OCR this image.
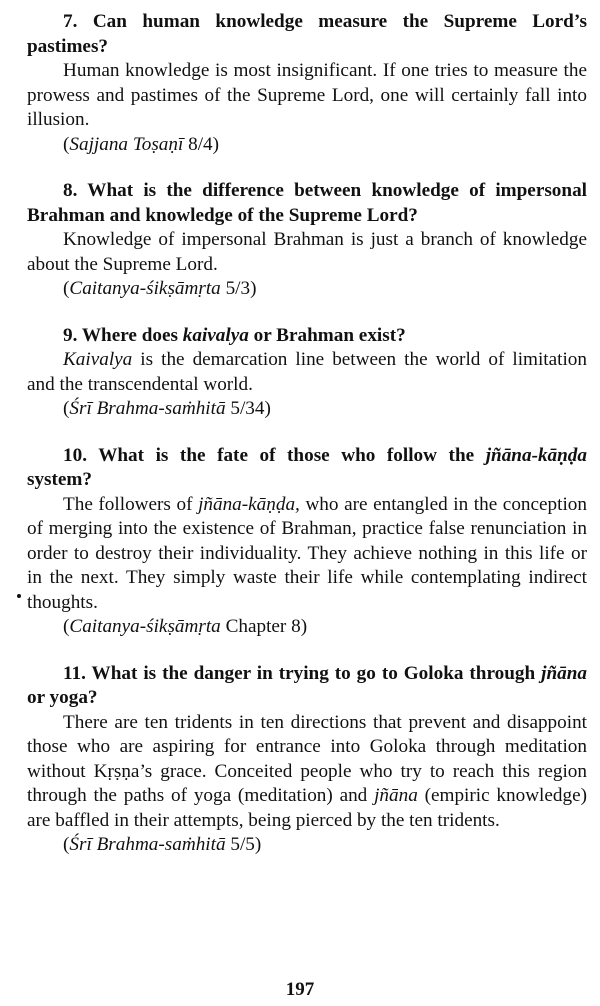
7. Can human knowledge measure the Supreme Lord’s pastimes?

Human knowledge is most insignificant. If one tries to measure the prowess and pastimes of the Supreme Lord, one will certainly fall into illusion.

(Sajjana Toṣaṇī 8/4)

8. What is the difference between knowledge of impersonal Brahman and knowledge of the Supreme Lord?

Knowledge of impersonal Brahman is just a branch of knowledge about the Supreme Lord.

(Caitanya-śikṣāmṛta 5/3)

9. Where does kaivalya or Brahman exist?

Kaivalya is the demarcation line between the world of limitation and the transcendental world.

(Śrī Brahma-saṁhitā 5/34)

10. What is the fate of those who follow the jñāna-kāṇḍa system?

The followers of jñāna-kāṇḍa, who are entangled in the conception of merging into the existence of Brahman, practice false renunciation in order to destroy their individuality. They achieve nothing in this life or in the next. They simply waste their life while contemplating indirect thoughts.

(Caitanya-śikṣāmṛta Chapter 8)

11. What is the danger in trying to go to Goloka through jñāna or yoga?

There are ten tridents in ten directions that prevent and disappoint those who are aspiring for entrance into Goloka through meditation without Kṛṣṇa’s grace. Conceited people who try to reach this region through the paths of yoga (meditation) and jñāna (empiric knowledge) are baffled in their attempts, being pierced by the ten tridents.

(Śrī Brahma-saṁhitā 5/5)

197
